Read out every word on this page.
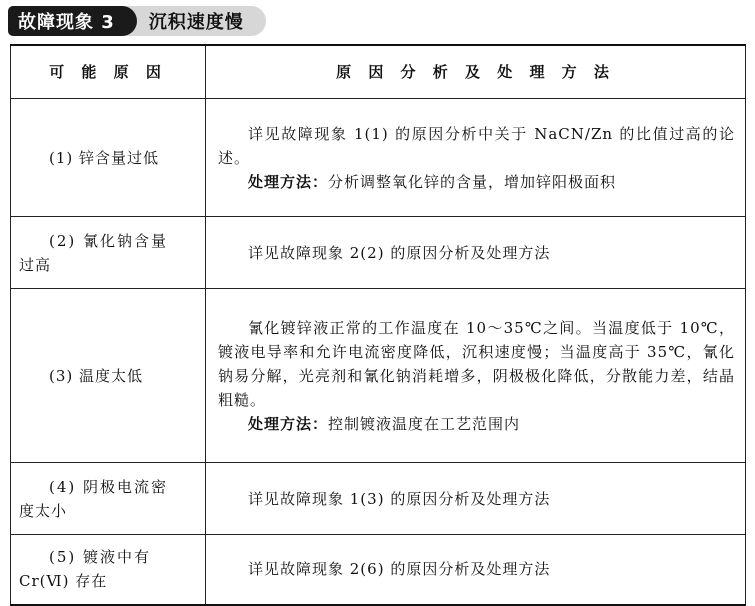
故障现象 3	沉积速度慢
可 能 原 因	原 因 分 析 及 处 理 方 法
(1) 锌含量过低	详见故障现象 1(1) 的原因分析中关于 NaCN/Zn 的比值过高的论述。
处理方法：分析调整氧化锌的含量，增加锌阳极面积

(2) 氰化钠含量
过高	详见故障现象 2(2) 的原因分析及处理方法

(3) 温度太低	氰化镀锌液正常的工作温度在 10～35℃之间。当温度低于 10℃，镀液电导率和允许电流密度降低，沉积速度慢；当温度高于 35℃，氰化钠易分解，光亮剂和氰化钠消耗增多，阴极极化降低，分散能力差，结晶粗糙。
处理方法：控制镀液温度在工艺范围内

(4) 阴极电流密
度太小	详见故障现象 1(3) 的原因分析及处理方法

(5) 镀液中有
Cr(Ⅵ) 存在	详见故障现象 2(6) 的原因分析及处理方法
